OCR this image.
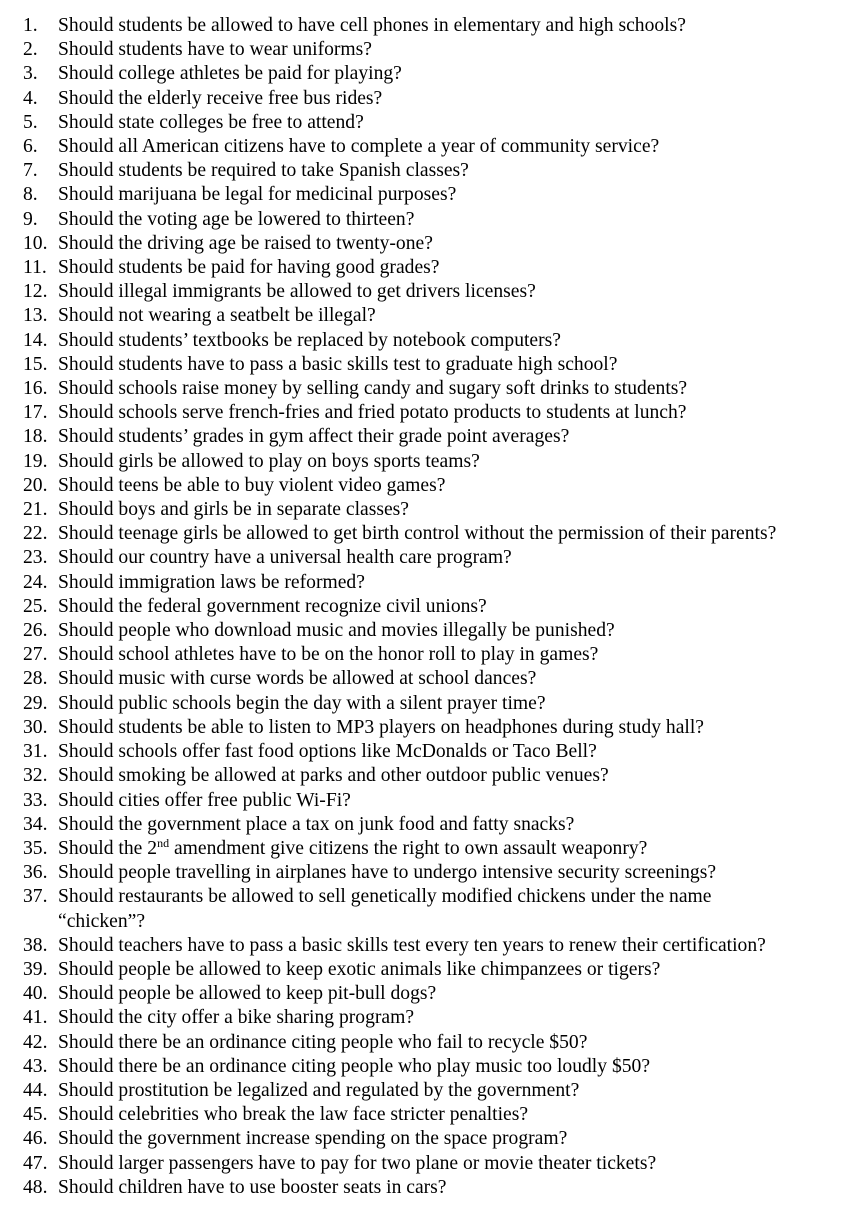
1.	Should students be allowed to have cell phones in elementary and high schools?
2.	Should students have to wear uniforms?
3.	Should college athletes be paid for playing?
4.	Should the elderly receive free bus rides?
5.	Should state colleges be free to attend?
6.	Should all American citizens have to complete a year of community service?
7.	Should students be required to take Spanish classes?
8.	Should marijuana be legal for medicinal purposes?
9.	Should the voting age be lowered to thirteen?
10. Should the driving age be raised to twenty-one?
11. Should students be paid for having good grades?
12. Should illegal immigrants be allowed to get drivers licenses?
13. Should not wearing a seatbelt be illegal?
14. Should students’ textbooks be replaced by notebook computers?
15. Should students have to pass a basic skills test to graduate high school?
16. Should schools raise money by selling candy and sugary soft drinks to students?
17. Should schools serve french-fries and fried potato products to students at lunch?
18. Should students’ grades in gym affect their grade point averages?
19. Should girls be allowed to play on boys sports teams?
20. Should teens be able to buy violent video games?
21. Should boys and girls be in separate classes?
22. Should teenage girls be allowed to get birth control without the permission of their parents?
23. Should our country have a universal health care program?
24. Should immigration laws be reformed?
25. Should the federal government recognize civil unions?
26. Should people who download music and movies illegally be punished?
27. Should school athletes have to be on the honor roll to play in games?
28. Should music with curse words be allowed at school dances?
29. Should public schools begin the day with a silent prayer time?
30. Should students be able to listen to MP3 players on headphones during study hall?
31. Should schools offer fast food options like McDonalds or Taco Bell?
32. Should smoking be allowed at parks and other outdoor public venues?
33. Should cities offer free public Wi-Fi?
34. Should the government place a tax on junk food and fatty snacks?
35. Should the 2nd amendment give citizens the right to own assault weaponry?
36. Should people travelling in airplanes have to undergo intensive security screenings?
37. Should restaurants be allowed to sell genetically modified chickens under the name “chicken”?
38. Should teachers have to pass a basic skills test every ten years to renew their certification?
39. Should people be allowed to keep exotic animals like chimpanzees or tigers?
40. Should people be allowed to keep pit-bull dogs?
41. Should the city offer a bike sharing program?
42. Should there be an ordinance citing people who fail to recycle $50?
43. Should there be an ordinance citing people who play music too loudly $50?
44. Should prostitution be legalized and regulated by the government?
45. Should celebrities who break the law face stricter penalties?
46. Should the government increase spending on the space program?
47. Should larger passengers have to pay for two plane or movie theater tickets?
48. Should children have to use booster seats in cars?
